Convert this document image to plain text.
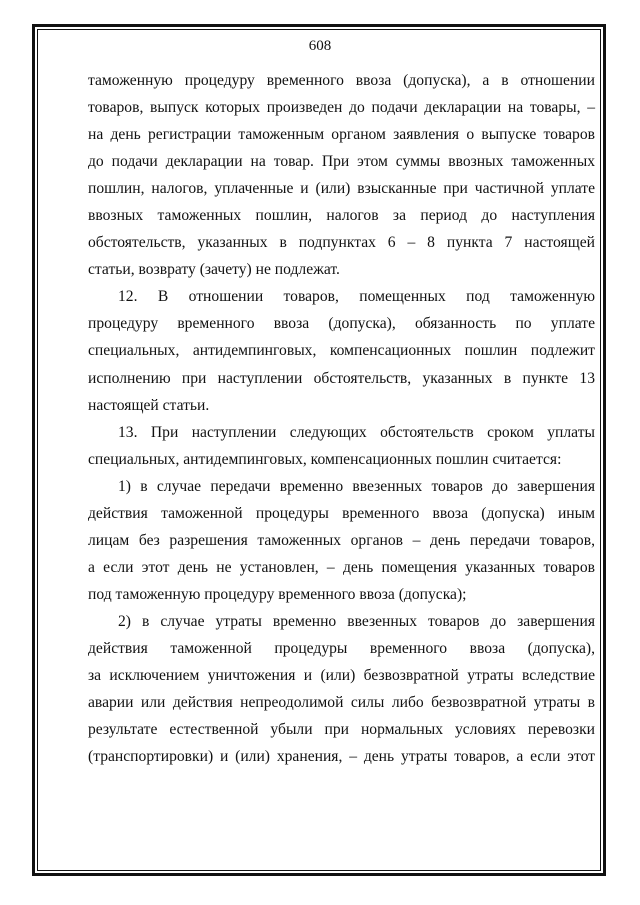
608
таможенную процедуру временного ввоза (допуска), а в отношении
товаров, выпуск которых произведен до подачи декларации на товары, –
на день регистрации таможенным органом заявления о выпуске товаров
до подачи декларации на товар. При этом суммы ввозных таможенных
пошлин, налогов, уплаченные и (или) взысканные при частичной уплате
ввозных таможенных пошлин, налогов за период до наступления
обстоятельств, указанных в подпунктах 6 – 8 пункта 7 настоящей
статьи, возврату (зачету) не подлежат.
12. В отношении товаров, помещенных под таможенную
процедуру временного ввоза (допуска), обязанность по уплате
специальных, антидемпинговых, компенсационных пошлин подлежит
исполнению при наступлении обстоятельств, указанных в пункте 13
настоящей статьи.
13. При наступлении следующих обстоятельств сроком уплаты
специальных, антидемпинговых, компенсационных пошлин считается:
1) в случае передачи временно ввезенных товаров до завершения
действия таможенной процедуры временного ввоза (допуска) иным
лицам без разрешения таможенных органов – день передачи товаров,
а если этот день не установлен, – день помещения указанных товаров
под таможенную процедуру временного ввоза (допуска);
2) в случае утраты временно ввезенных товаров до завершения
действия таможенной процедуры временного ввоза (допуска),
за исключением уничтожения и (или) безвозвратной утраты вследствие
аварии или действия непреодолимой силы либо безвозвратной утраты в
результате естественной убыли при нормальных условиях перевозки
(транспортировки) и (или) хранения, – день утраты товаров, а если этот
